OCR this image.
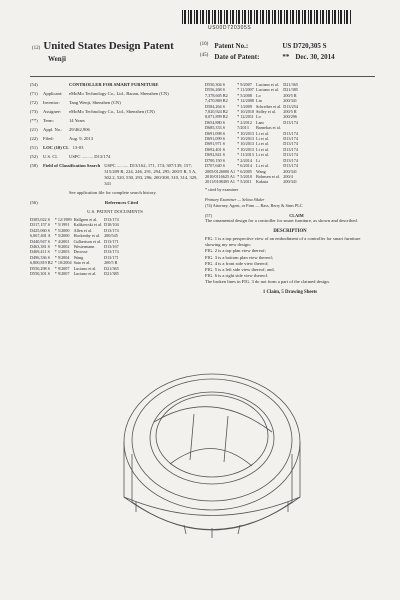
US00D720305S
(12) United States Design Patent
Wenji
(10) Patent No.:	US D720,305 S
(45) Date of Patent:	** Dec. 30, 2014
(54)	CONTROLLER FOR SMART FURNITURE
(71)	Applicant:	eMoMo Technology Co., Ltd., Baoan, Shenzhen (CN)
(72)	Inventor:	Tang Wenji, Shenzhen (CN)
(73)	Assignee:	eMoMo Technology Co., Ltd., Shenzhen (CN)
(**)	Term:	14 Years
(21)	Appl. No.:	29/462,906
(22)	Filed:	Aug. 9, 2013
(51)	LOC (10) Cl. 13-03
(52)	U.S. Cl.	USPC .......... D13/174
(58)	Field of Classification Search USPC .......... D13/162, 171, 174; 307/139, 157; 315/209 R, 224, 246, 291, 294, 295; 200/5 R, 5 A, 302.2, 520, 530, 293, 296; 200/308, 310, 314, 329, 341
See application file for complete search history.
(56)	References Cited
U.S. PATENT DOCUMENTS
D305,022 S	* 12/1989	Hallgren et al.	D13/174
D317,157 S	* 5/1991	Kalikowski et al.	D10/104
D425,060 S	* 5/2000	Allen et al.	D13/174
6,067,401 A	* 5/2000	Hockenby et al.	200/545
D440,947 S	* 4/2001	Culbertson et al.	D13/171
D463,381 S	* 9/2002	Westermann	D13/167
D469,411 S	* 1/2003	Decosse	D13/174
D496,336 S	* 9/2004	Wang	D13/171
6,800,819 B2	* 10/2004	Sato et al.	200/5 R
D550,298 S	* 9/2007	Luciano et al.	D21/365
D550,301 S	* 9/2007	Luciano et al.	D21/385
D550,304 S	* 9/2007	Luciano et al.	D21/365
D556,268 S	* 11/2007	Luciano et al.	D21/385
7,378,605 B2	* 5/2008	Lo	200/5 R
7,470,869 B2	* 12/2008	Lin	200/341
D584,264 S	* 1/2009	Schreiber et al.	D13/254
7,820,924 B2	* 10/2010	Sidley et al.	200/5 R
8,071,899 B2	* 12/2011	Lo	200/296
D654,880 S	* 2/2012	Lam	D13/174
D685,333 S	7/2013	Barnekas et al.	
D691,098 S	* 10/2013	Li et al.	D13/174
D691,099 S	* 10/2013	Li et al.	D13/174
D691,971 S	* 10/2013	Li et al.	D13/174
D692,401 S	* 10/2013	Li et al.	D13/174
D692,841 S	* 11/2013	Li et al.	D13/174
D700,150 S	* 2/2014	Li	D13/174
D707,640 S	* 6/2014	Li et al.	D13/174
2005/0126000 A1	* 6/2005	Wang	200/341
2010/0116625 A1	* 5/2010	Bohnsen et al.	200/4
2011/0108405 A1	* 5/2011	Kakuta	200/341
* cited by examiner
Primary Examiner — Selina Sikder
(74) Attorney, Agent, or Firm — Bass, Berry & Sims PLC
(57)	CLAIM
The ornamental design for a controller for smart furniture, as shown and described.
DESCRIPTION
FIG. 1 is a top perspective view of an embodiment of a controller for smart furniture showing my new design;
FIG. 2 is a top plan view thereof;
FIG. 3 is a bottom plan view thereof;
FIG. 4 is a front side view thereof;
FIG. 5 is a left side view thereof; and,
FIG. 6 is a right side view thereof.
The broken lines in FIG. 3 do not form a part of the claimed design.
1 Claim, 5 Drawing Sheets
